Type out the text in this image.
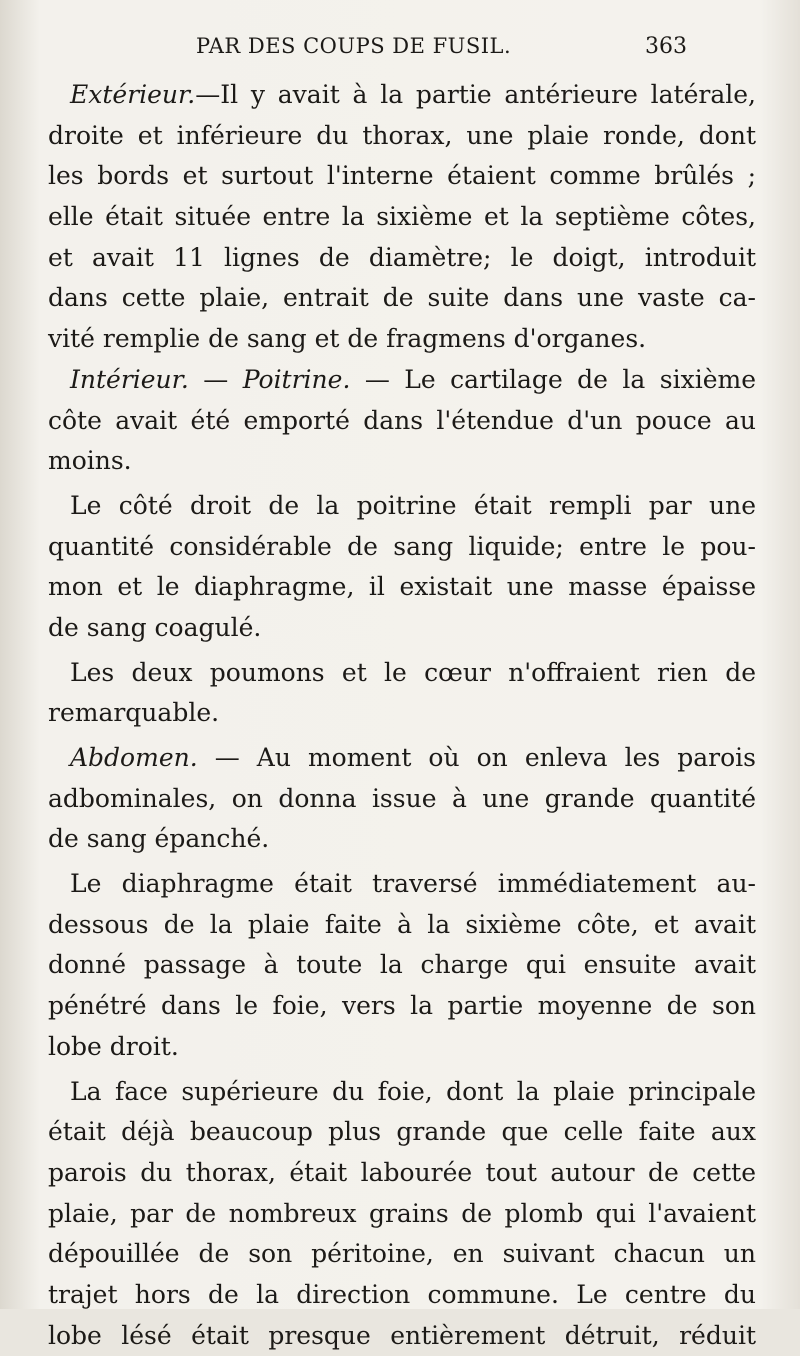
PAR DES COUPS DE FUSIL.	363
Extérieur.—Il y avait à la partie antérieure latérale,
droite et inférieure du thorax, une plaie ronde, dont
les bords et surtout l'interne étaient comme brûlés ;
elle était située entre la sixième et la septième côtes,
et avait 11 lignes de diamètre; le doigt, introduit
dans cette plaie, entrait de suite dans une vaste ca-
vité remplie de sang et de fragmens d'organes.
Intérieur. — Poitrine. — Le cartilage de la sixième
côte avait été emporté dans l'étendue d'un pouce au
moins.
Le côté droit de la poitrine était rempli par une
quantité considérable de sang liquide; entre le pou-
mon et le diaphragme, il existait une masse épaisse
de sang coagulé.
Les deux poumons et le cœur n'offraient rien de
remarquable.
Abdomen. — Au moment où on enleva les parois
adbominales, on donna issue à une grande quantité
de sang épanché.
Le diaphragme était traversé immédiatement au-
dessous de la plaie faite à la sixième côte, et avait
donné passage à toute la charge qui ensuite avait
pénétré dans le foie, vers la partie moyenne de son
lobe droit.
La face supérieure du foie, dont la plaie principale
était déjà beaucoup plus grande que celle faite aux
parois du thorax, était labourée tout autour de cette
plaie, par de nombreux grains de plomb qui l'avaient
dépouillée de son péritoine, en suivant chacun un
trajet hors de la direction commune. Le centre du
lobe lésé était presque entièrement détruit, réduit
